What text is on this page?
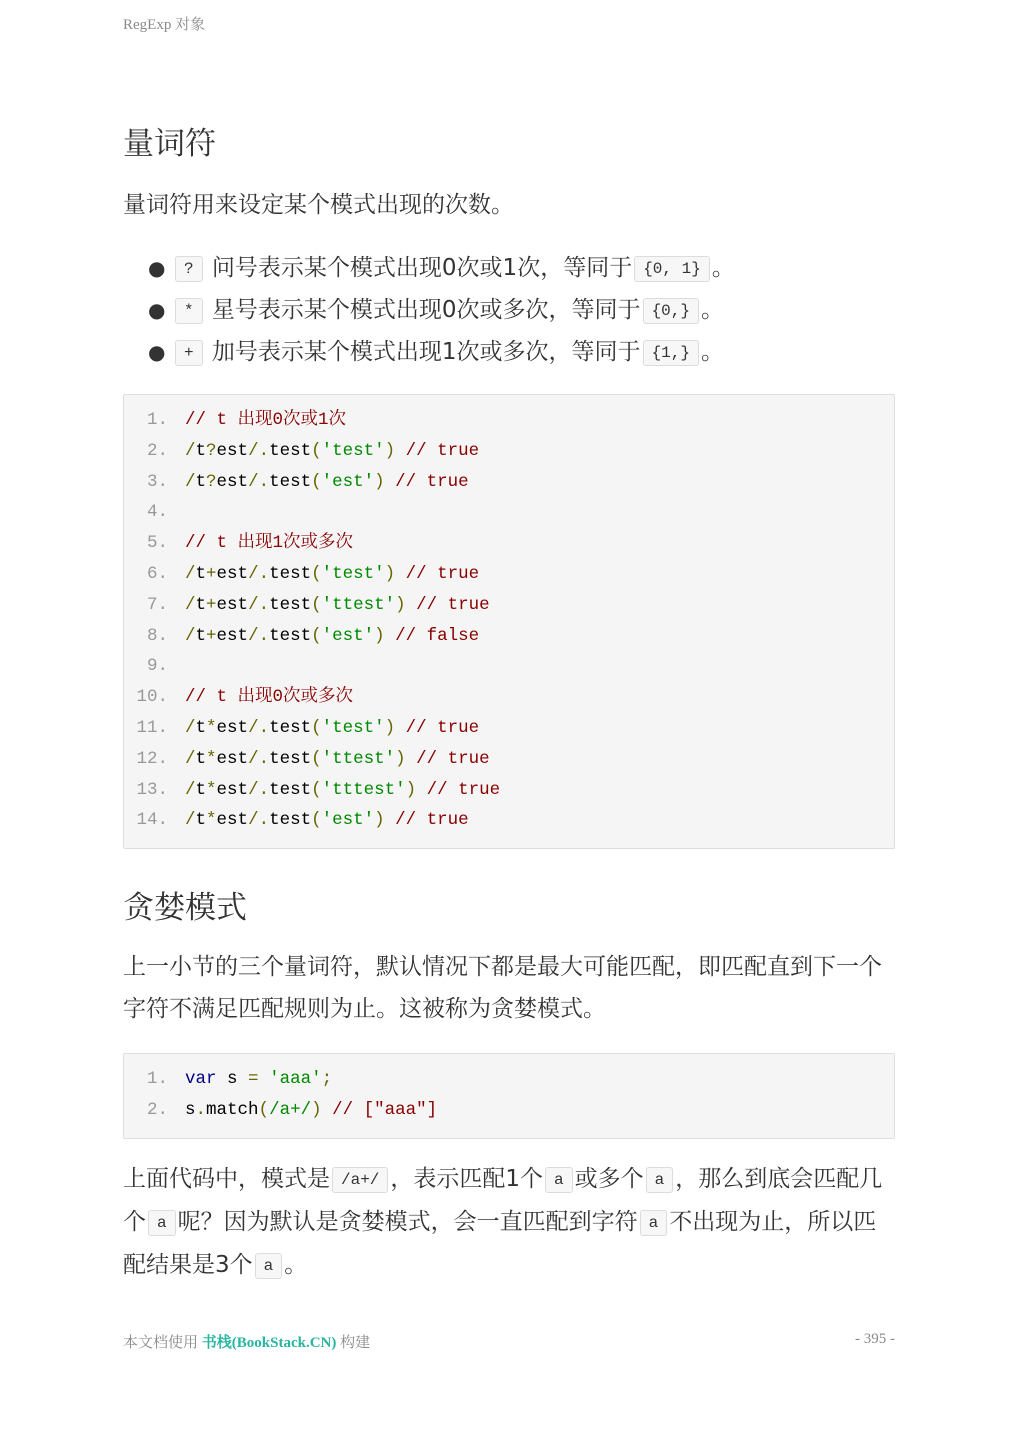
RegExp 对象
量词符

量词符用来设定某个模式出现的次数。

● ? 问号表示某个模式出现0次或1次，等同于 {0, 1} 。
● * 星号表示某个模式出现0次或多次，等同于 {0,} 。
● + 加号表示某个模式出现1次或多次，等同于 {1,} 。
1. // t 出现0次或1次
2. /t?est/.test('test') // true
3. /t?est/.test('est') // true
4.
5. // t 出现1次或多次
6. /t+est/.test('test') // true
7. /t+est/.test('ttest') // true
8. /t+est/.test('est') // false
9.
10. // t 出现0次或多次
11. /t*est/.test('test') // true
12. /t*est/.test('ttest') // true
13. /t*est/.test('tttest') // true
14. /t*est/.test('est') // true
贪婪模式

上一小节的三个量词符，默认情况下都是最大可能匹配，即匹配直到下一个字符不满足匹配规则为止。这被称为贪婪模式。

1. var s = 'aaa';
2. s.match(/a+/) // ["aaa"]

上面代码中，模式是 /a+/ ，表示匹配1个 a 或多个 a ，那么到底会匹配几个 a 呢？因为默认是贪婪模式，会一直匹配到字符 a 不出现为止，所以匹配结果是3个 a 。

本文档使用 书栈(BookStack.CN) 构建	- 395 -
